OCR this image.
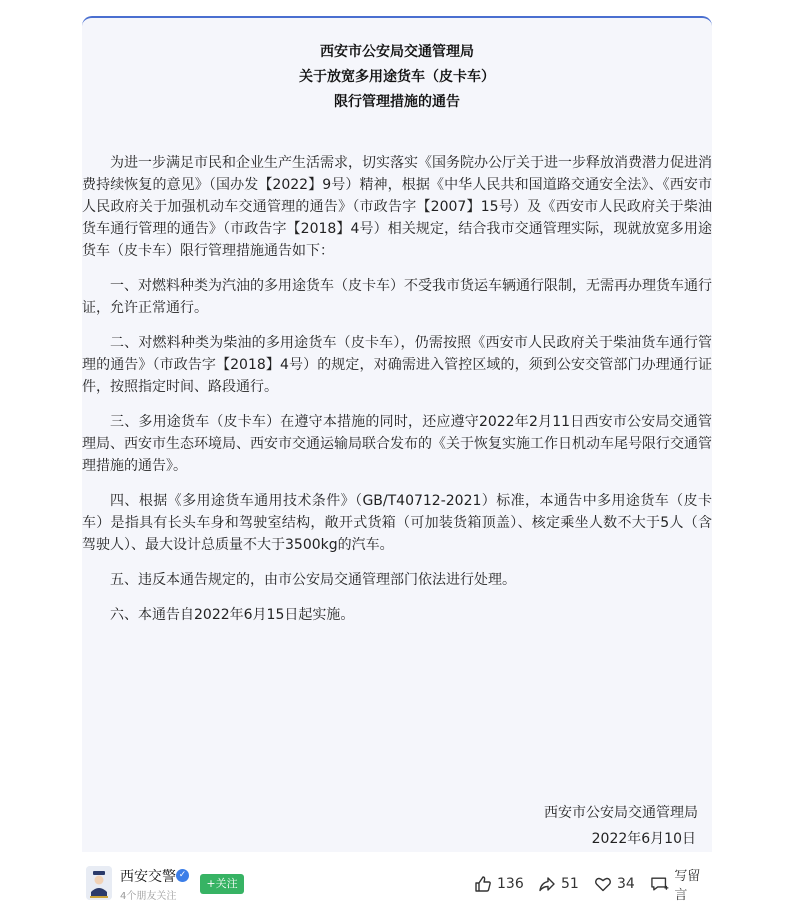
西安市公安局交通管理局
关于放宽多用途货车（皮卡车）
限行管理措施的通告

为进一步满足市民和企业生产生活需求，切实落实《国务院办公厅关于进一步释放消费潜力促进消费持续恢复的意见》（国办发【2022】9号）精神，根据《中华人民共和国道路交通安全法》、《西安市人民政府关于加强机动车交通管理的通告》（市政告字【2007】15号）及《西安市人民政府关于柴油货车通行管理的通告》（市政告字【2018】4号）相关规定，结合我市交通管理实际，现就放宽多用途货车（皮卡车）限行管理措施通告如下：

一、对燃料种类为汽油的多用途货车（皮卡车）不受我市货运车辆通行限制，无需再办理货车通行证，允许正常通行。

二、对燃料种类为柴油的多用途货车（皮卡车），仍需按照《西安市人民政府关于柴油货车通行管理的通告》（市政告字【2018】4号）的规定，对确需进入管控区域的，须到公安交管部门办理通行证件，按照指定时间、路段通行。

三、多用途货车（皮卡车）在遵守本措施的同时，还应遵守2022年2月11日西安市公安局交通管理局、西安市生态环境局、西安市交通运输局联合发布的《关于恢复实施工作日机动车尾号限行交通管理措施的通告》。

四、根据《多用途货车通用技术条件》（GB/T40712-2021）标准，本通告中多用途货车（皮卡车）是指具有长头车身和驾驶室结构，敞开式货箱（可加装货箱顶盖）、核定乘坐人数不大于5人（含驾驶人）、最大设计总质量不大于3500kg的汽车。

五、违反本通告规定的，由市公安局交通管理部门依法进行处理。

六、本通告自2022年6月15日起实施。

西安市公安局交通管理局
2022年6月10日
西安交警 ✓
4个朋友关注
+关注	136	51	34	写留言
